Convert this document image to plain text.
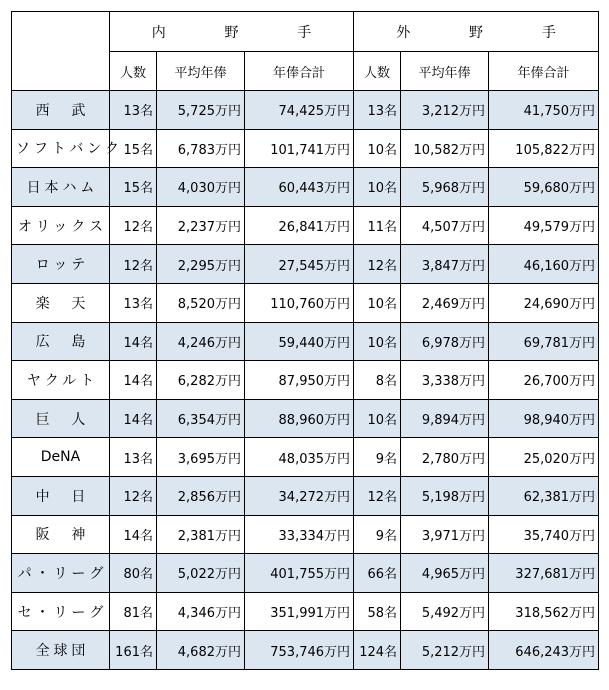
	内　野　手			外　野　手		
	人数	平均年俸	年俸合計	人数	平均年俸	年俸合計
西　武	13名	5,725万円	74,425万円	13名	3,212万円	41,750万円
ソフトバンク	15名	6,783万円	101,741万円	10名	10,582万円	105,822万円
日本ハム	15名	4,030万円	60,443万円	10名	5,968万円	59,680万円
オリックス	12名	2,237万円	26,841万円	11名	4,507万円	49,579万円
ロッテ	12名	2,295万円	27,545万円	12名	3,847万円	46,160万円
楽　天	13名	8,520万円	110,760万円	10名	2,469万円	24,690万円
広　島	14名	4,246万円	59,440万円	10名	6,978万円	69,781万円
ヤクルト	14名	6,282万円	87,950万円	8名	3,338万円	26,700万円
巨　人	14名	6,354万円	88,960万円	10名	9,894万円	98,940万円
DeNA	13名	3,695万円	48,035万円	9名	2,780万円	25,020万円
中　日	12名	2,856万円	34,272万円	12名	5,198万円	62,381万円
阪　神	14名	2,381万円	33,334万円	9名	3,971万円	35,740万円
パ・リーグ	80名	5,022万円	401,755万円	66名	4,965万円	327,681万円
セ・リーグ	81名	4,346万円	351,991万円	58名	5,492万円	318,562万円
全球団	161名	4,682万円	753,746万円	124名	5,212万円	646,243万円
